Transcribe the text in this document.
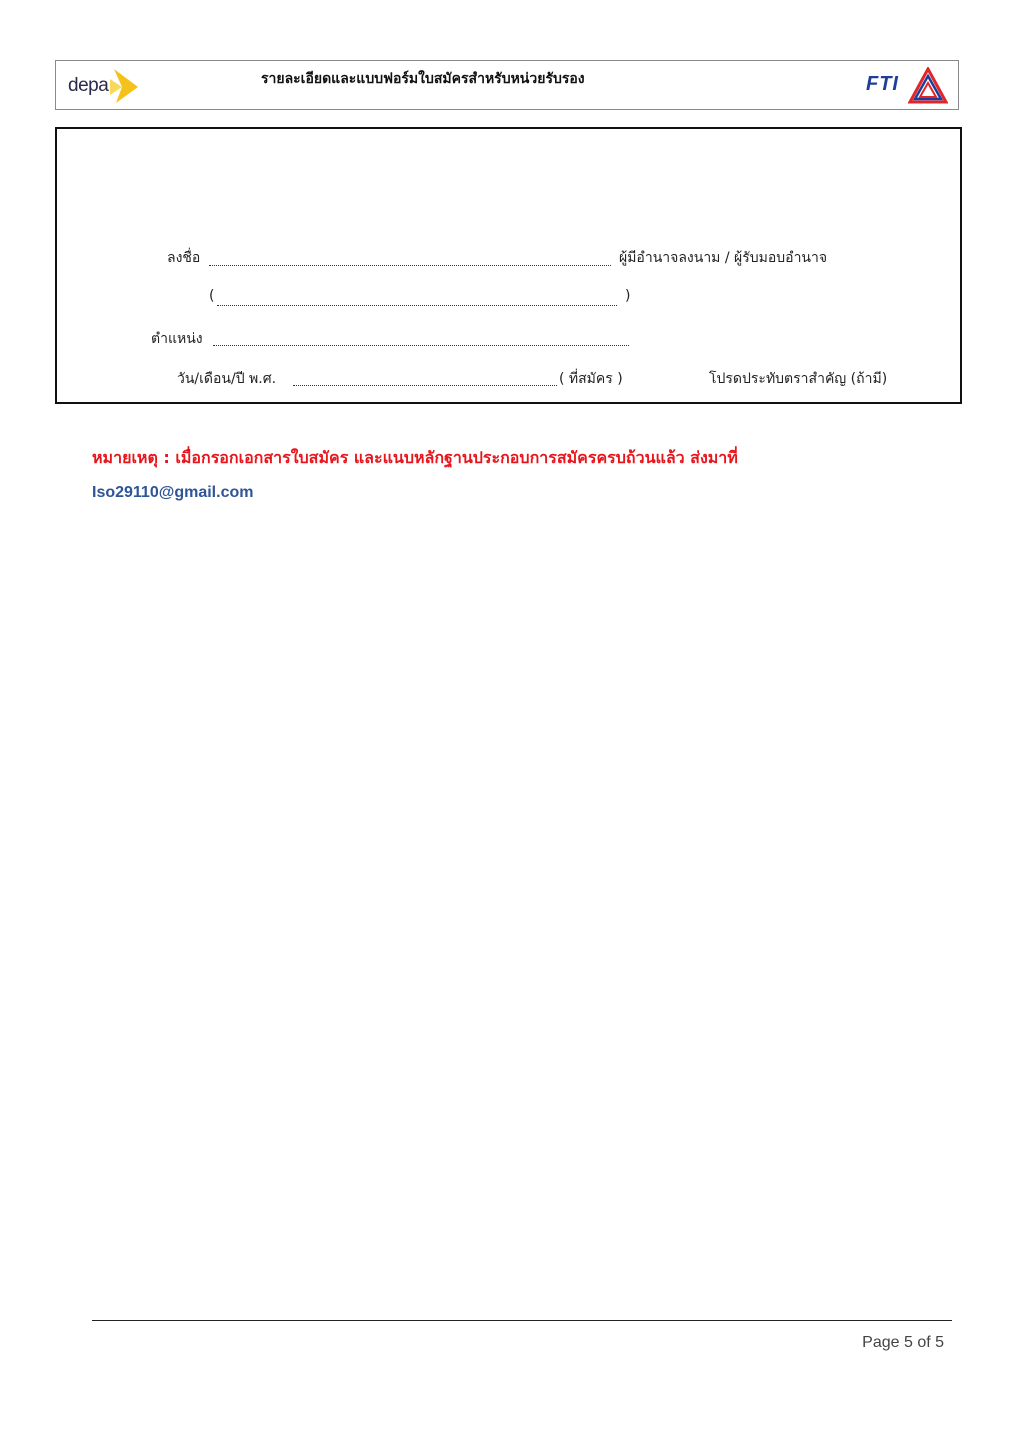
depa	รายละเอียดและแบบฟอร์มใบสมัครสำหรับหน่วยรับรอง	FTI
ลงชื่อ	ผู้มีอำนาจลงนาม / ผู้รับมอบอำนาจ
(	)
ตำแหน่ง
วัน/เดือน/ปี พ.ศ.	( ที่สมัคร )	โปรดประทับตราสำคัญ (ถ้ามี)
หมายเหตุ : เมื่อกรอกเอกสารใบสมัคร และแนบหลักฐานประกอบการสมัครครบถ้วนแล้ว ส่งมาที่
Iso29110@gmail.com
Page 5 of 5
